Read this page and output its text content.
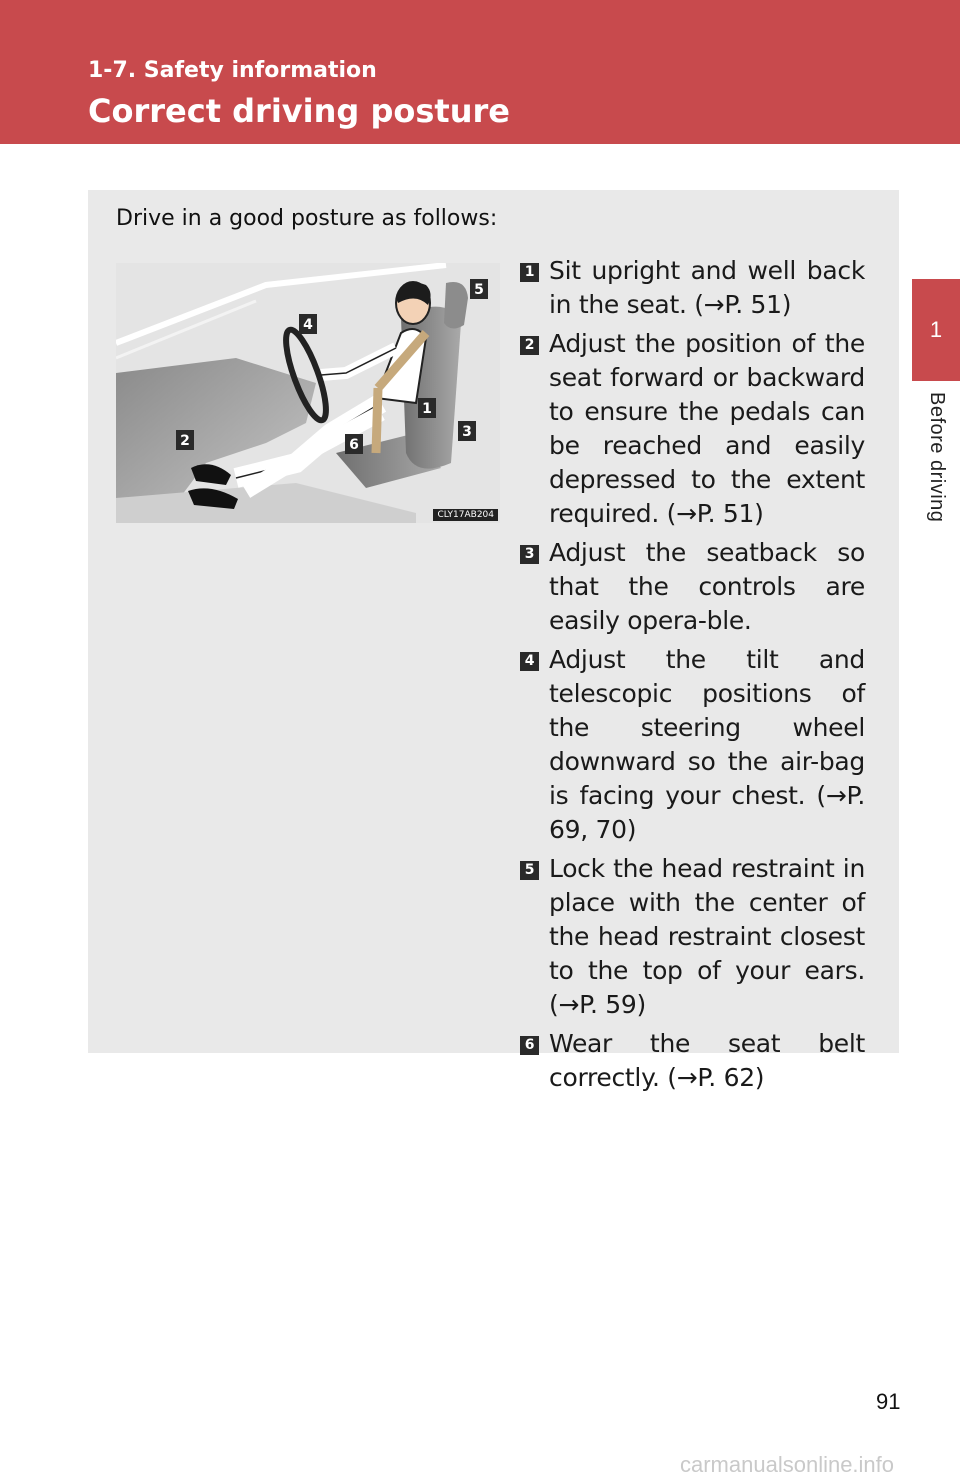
1-7. Safety information
Correct driving posture
1
Before driving
Drive in a good posture as follows:
5
4
1
3
2	6
CLY17AB204
1 Sit upright and well back in the seat. (→P. 51)
2 Adjust the position of the seat forward or backward to ensure the pedals can be reached and easily depressed to the extent required. (→P. 51)
3 Adjust the seatback so that the controls are easily opera-ble.
4 Adjust the tilt and telescopic positions of the steering wheel downward so the air-bag is facing your chest. (→P. 69, 70)
5 Lock the head restraint in place with the center of the head restraint closest to the top of your ears. (→P. 59)
6 Wear the seat belt correctly. (→P. 62)
91
carmanualsonline.info
